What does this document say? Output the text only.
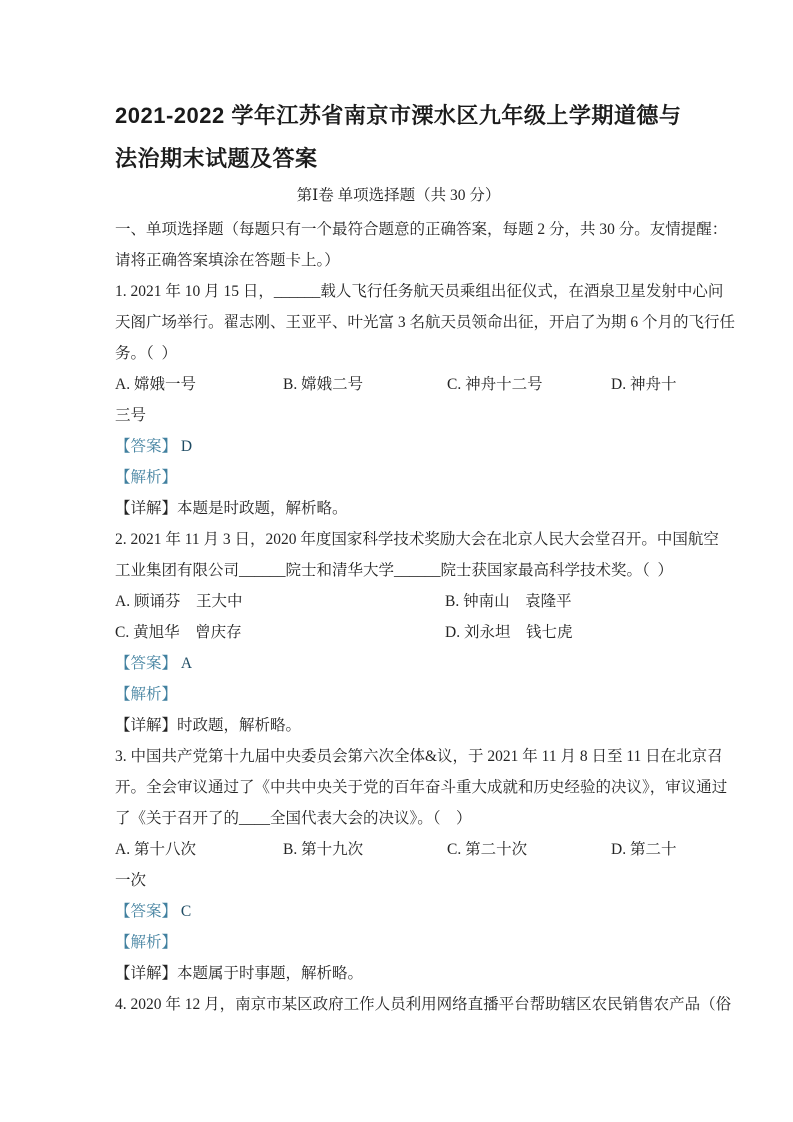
2021-2022 学年江苏省南京市溧水区九年级上学期道德与法治期末试题及答案
第Ⅰ卷 单项选择题（共 30 分）
一、单项选择题（每题只有一个最符合题意的正确答案，每题 2 分，共 30 分。友情提醒：
请将正确答案填涂在答题卡上。）
1. 2021 年 10 月 15 日，______载人飞行任务航天员乘组出征仪式，在酒泉卫星发射中心问
天阁广场举行。翟志刚、王亚平、叶光富 3 名航天员领命出征，开启了为期 6 个月的飞行任
务。（  ）
A. 嫦娥一号	B. 嫦娥二号	C. 神舟十二号	D. 神舟十
三号
【答案】 D
【解析】
【详解】本题是时政题，解析略。
2. 2021 年 11 月 3 日，2020 年度国家科学技术奖励大会在北京人民大会堂召开。中国航空
工业集团有限公司______院士和清华大学______院士获国家最高科学技术奖。（  ）
A. 顾诵芬    王大中	B. 钟南山    袁隆平
C. 黄旭华    曾庆存	D. 刘永坦    钱七虎
【答案】 A
【解析】
【详解】时政题，解析略。
3. 中国共产党第十九届中央委员会第六次全体&议，于 2021 年 11 月 8 日至 11 日在北京召
开。全会审议通过了《中共中央关于党的百年奋斗重大成就和历史经验的决议》，审议通过
了《关于召开了的____全国代表大会的决议》。（    ）
A. 第十八次	B. 第十九次	C. 第二十次	D. 第二十
一次
【答案】 C
【解析】
【详解】本题属于时事题，解析略。
4. 2020 年 12 月，南京市某区政府工作人员利用网络直播平台帮助辖区农民销售农产品（俗
